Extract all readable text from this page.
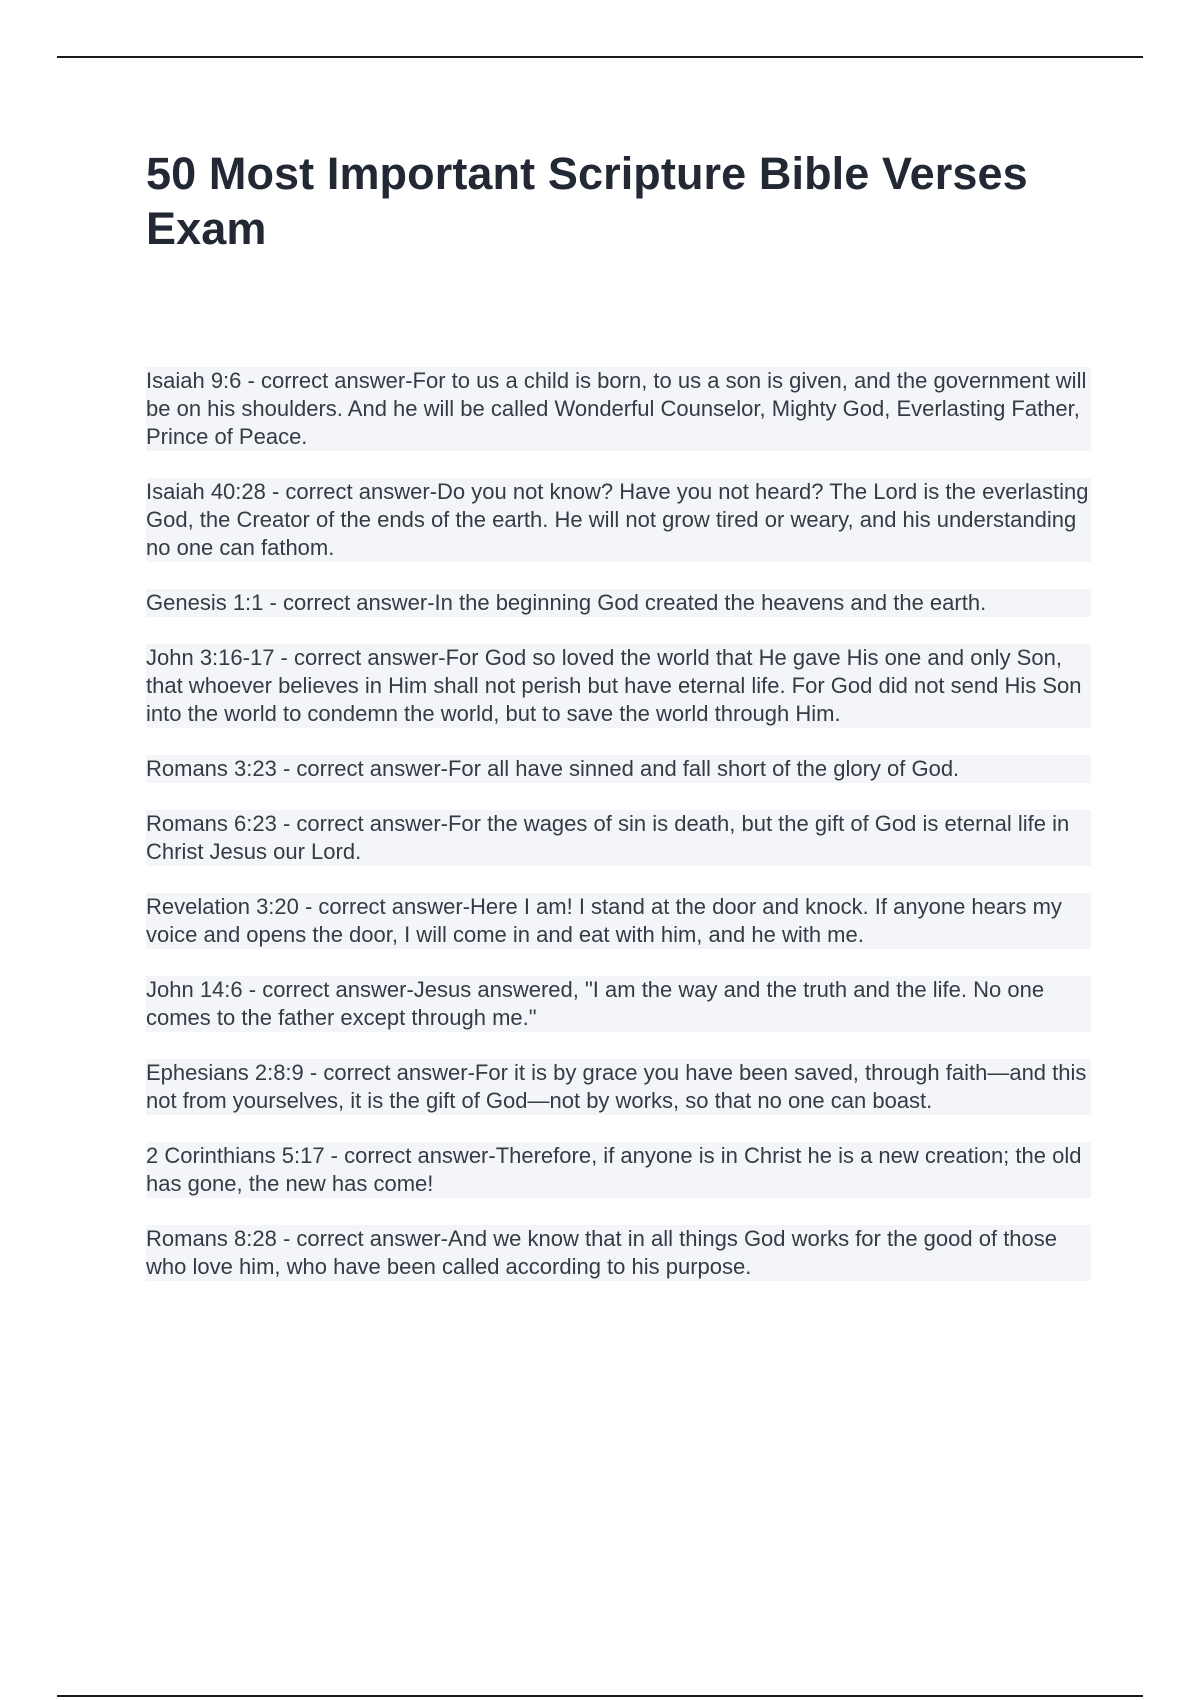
50 Most Important Scripture Bible Verses Exam

Isaiah 9:6 - correct answer-For to us a child is born, to us a son is given, and the government will be on his shoulders. And he will be called Wonderful Counselor, Mighty God, Everlasting Father, Prince of Peace.

Isaiah 40:28 - correct answer-Do you not know? Have you not heard? The Lord is the everlasting God, the Creator of the ends of the earth. He will not grow tired or weary, and his understanding no one can fathom.

Genesis 1:1 - correct answer-In the beginning God created the heavens and the earth.

John 3:16-17 - correct answer-For God so loved the world that He gave His one and only Son, that whoever believes in Him shall not perish but have eternal life. For God did not send His Son into the world to condemn the world, but to save the world through Him.

Romans 3:23 - correct answer-For all have sinned and fall short of the glory of God.

Romans 6:23 - correct answer-For the wages of sin is death, but the gift of God is eternal life in Christ Jesus our Lord.

Revelation 3:20 - correct answer-Here I am! I stand at the door and knock. If anyone hears my voice and opens the door, I will come in and eat with him, and he with me.

John 14:6 - correct answer-Jesus answered, "I am the way and the truth and the life. No one comes to the father except through me."

Ephesians 2:8:9 - correct answer-For it is by grace you have been saved, through faith—and this not from yourselves, it is the gift of God—not by works, so that no one can boast.

2 Corinthians 5:17 - correct answer-Therefore, if anyone is in Christ he is a new creation; the old has gone, the new has come!

Romans 8:28 - correct answer-And we know that in all things God works for the good of those who love him, who have been called according to his purpose.
